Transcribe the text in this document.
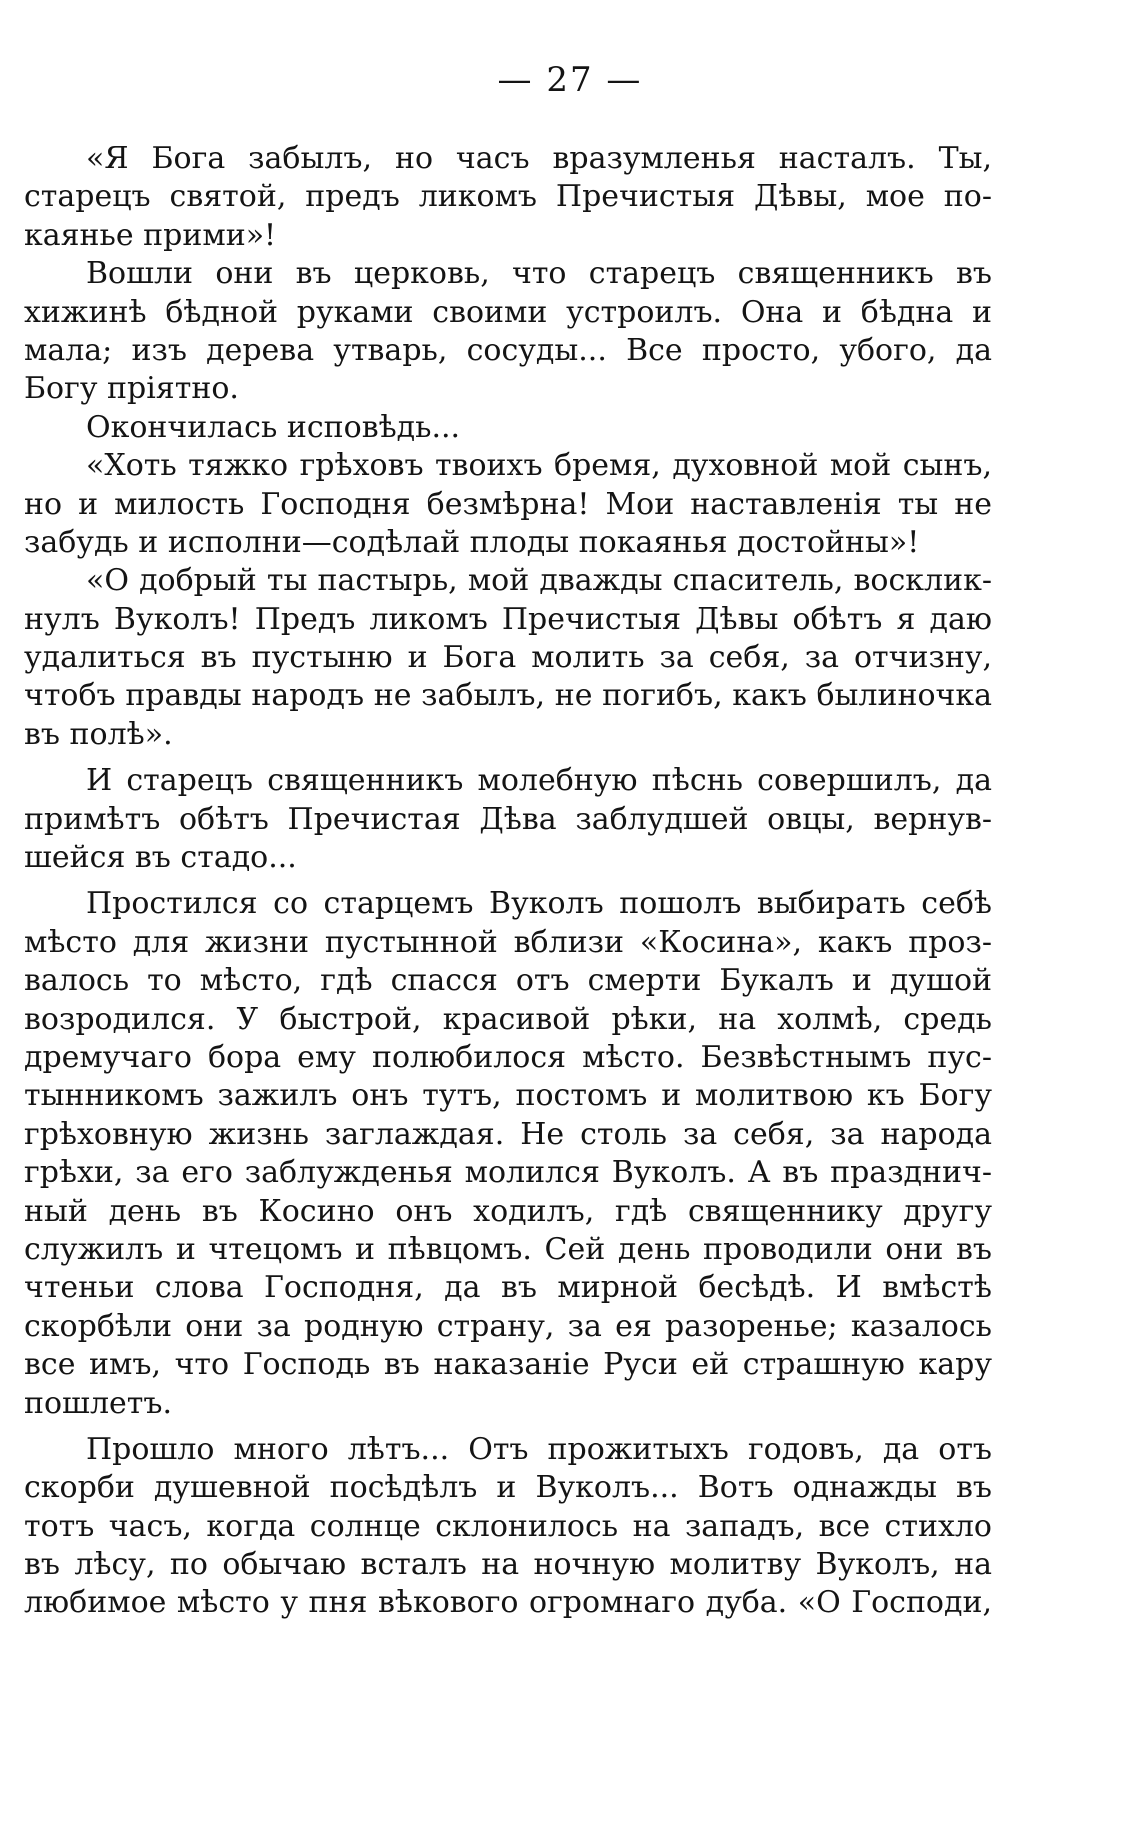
— 27 —
«Я Бога забылъ, но часъ вразумленья насталъ. Ты,
старецъ святой, предъ ликомъ Пречистыя Дѣвы, мое по-
каянье прими»!
Вошли они въ церковь, что старецъ священникъ въ
хижинѣ бѣдной руками своими устроилъ. Она и бѣдна и
мала; изъ дерева утварь, сосуды... Все просто, убого, да
Богу пріятно.
Окончилась исповѣдь...
«Хоть тяжко грѣховъ твоихъ бремя, духовной мой сынъ,
но и милость Господня безмѣрна! Мои наставленія ты не
забудь и исполни—содѣлай плоды покаянья достойны»!
«О добрый ты пастырь, мой дважды спаситель, восклик-
нулъ Вуколъ! Предъ ликомъ Пречистыя Дѣвы обѣтъ я даю
удалиться въ пустыню и Бога молить за себя, за отчизну,
чтобъ правды народъ не забылъ, не погибъ, какъ былиночка
въ полѣ».
И старецъ священникъ молебную пѣснь совершилъ, да
примѣтъ обѣтъ Пречистая Дѣва заблудшей овцы, вернув-
шейся въ стадо...
Простился со старцемъ Вуколъ пошолъ выбирать себѣ
мѣсто для жизни пустынной вблизи «Косина», какъ проз-
валось то мѣсто, гдѣ спасся отъ смерти Букалъ и душой
возродился. У быстрой, красивой рѣки, на холмѣ, средь
дремучаго бора ему полюбилося мѣсто. Безвѣстнымъ пус-
тынникомъ зажилъ онъ тутъ, постомъ и молитвою къ Богу
грѣховную жизнь заглаждая. Не столь за себя, за народа
грѣхи, за его заблужденья молился Вуколъ. А въ празднич-
ный день въ Косино онъ ходилъ, гдѣ священнику другу
служилъ и чтецомъ и пѣвцомъ. Сей день проводили они въ
чтеньи слова Господня, да въ мирной бесѣдѣ. И вмѣстѣ
скорбѣли они за родную страну, за ея разоренье; казалось
все имъ, что Господь въ наказаніе Руси ей страшную кару
пошлетъ.
Прошло много лѣтъ... Отъ прожитыхъ годовъ, да отъ
скорби душевной посѣдѣлъ и Вуколъ... Вотъ однажды въ
тотъ часъ, когда солнце склонилось на западъ, все стихло
въ лѣсу, по обычаю всталъ на ночную молитву Вуколъ, на
любимое мѣсто у пня вѣкового огромнаго дуба. «О Господи,
